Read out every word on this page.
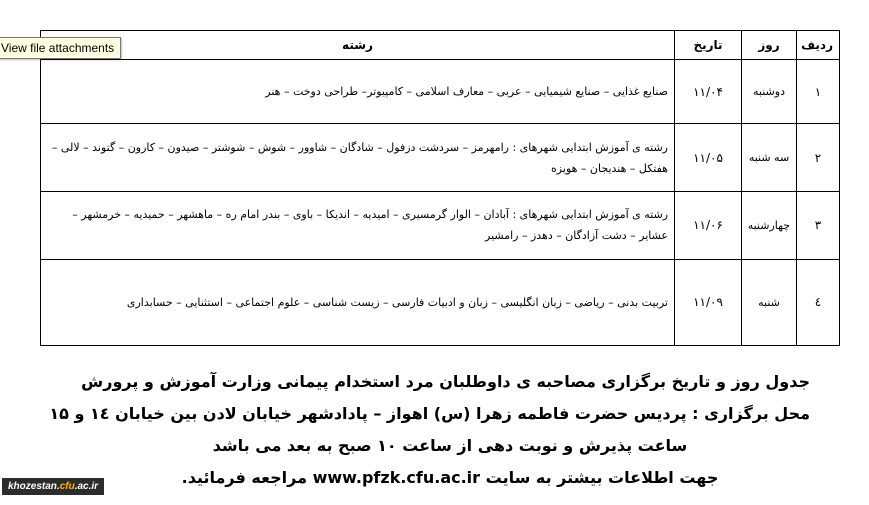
ردیف	روز	تاریخ	رشته
۱	دوشنبه	۱۱/۰۴	صنایع غذایی – صنایع شیمیایی – عربی – معارف اسلامی – کامپیوتر– طراحی دوخت – هنر
۲	سه شنبه	۱۱/۰۵	رشته ی آموزش ابتدایی شهرهای : رامهرمز – سردشت دزفول – شادگان – شاوور – شوش – شوشتر – صیدون – کارون – گتوند – لالی – هفتکل – هندیجان – هویزه
۳	چهارشنبه	۱۱/۰۶	رشته ی آموزش ابتدایی شهرهای : آبادان – الوار گرمسیری – امیدیه – اندیکا – باوی – بندر امام ره – ماهشهر – حمیدیه – خرمشهر – عشایر – دشت آزادگان – دهدز – رامشیر
٤	شنبه	۱۱/۰۹	تربیت بدنی – ریاضی – زبان انگلیسی – زبان و ادبیات فارسی – زیست شناسی – علوم اجتماعی – استثنایی – حسابداری
View file attachments
جدول روز و تاریخ برگزاری مصاحبه ی داوطلبان مرد استخدام پیمانی وزارت آموزش و پرورش
محل برگزاری : پردیس حضرت فاطمه زهرا (س) اهواز – پادادشهر خیابان لادن بین خیابان ۱٤ و ۱۵
ساعت پذیرش و نوبت دهی از ساعت ۱۰ صبح به بعد می باشد
جهت اطلاعات بیشتر به سایت www.pfzk.cfu.ac.ir مراجعه فرمائید.
khozestan.cfu.ac.ir
